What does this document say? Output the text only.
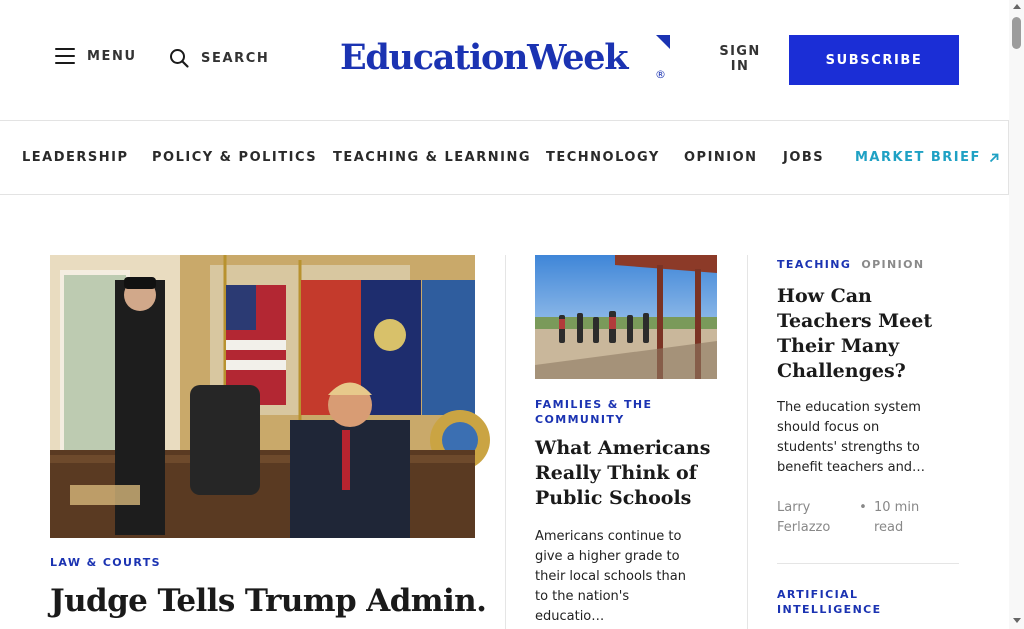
MENU	SEARCH EducationWeek	®
SIGN IN	SUBSCRIBE
LEADERSHIP POLICY & POLITICS TEACHING & LEARNING TECHNOLOGY OPINION JOBS MARKET BRIEF
LAW & COURTS
Judge Tells Trump Admin.
FAMILIES & THE COMMUNITY
What Americans Really Think of Public Schools
Americans continue to give a higher grade to their local schools than to the nation's educatio…
TEACHING OPINION
How Can Teachers Meet Their Many Challenges?
The education system should focus on students' strengths to benefit teachers and…
Larry Ferlazzo
• 10 min read
ARTIFICIAL INTELLIGENCE
